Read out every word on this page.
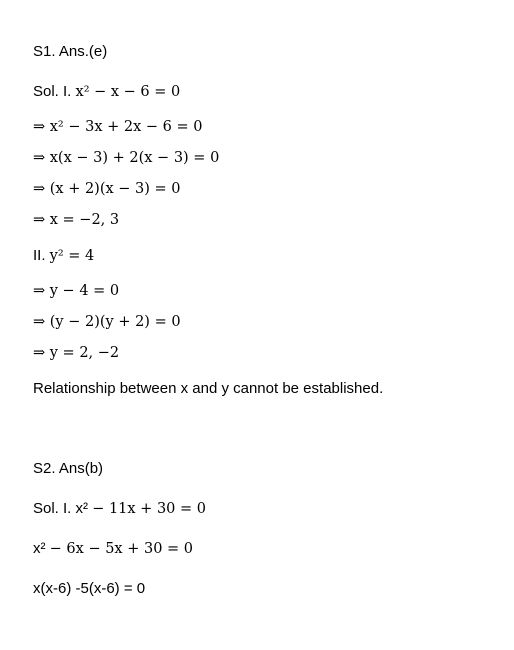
S1. Ans.(e)
Sol. I. x² − x − 6 = 0
⇒ x² − 3x + 2x − 6 = 0
⇒ x(x − 3) + 2(x − 3) = 0
⇒ (x + 2)(x − 3) = 0
⇒ x = −2, 3
II. y² = 4
⇒ y − 4 = 0
⇒ (y − 2)(y + 2) = 0
⇒ y = 2, −2
Relationship between x and y cannot be established.
S2. Ans(b)
Sol. I. x² − 11x + 30 = 0
x² − 6x − 5x + 30 = 0
x(x-6) -5(x-6) = 0
